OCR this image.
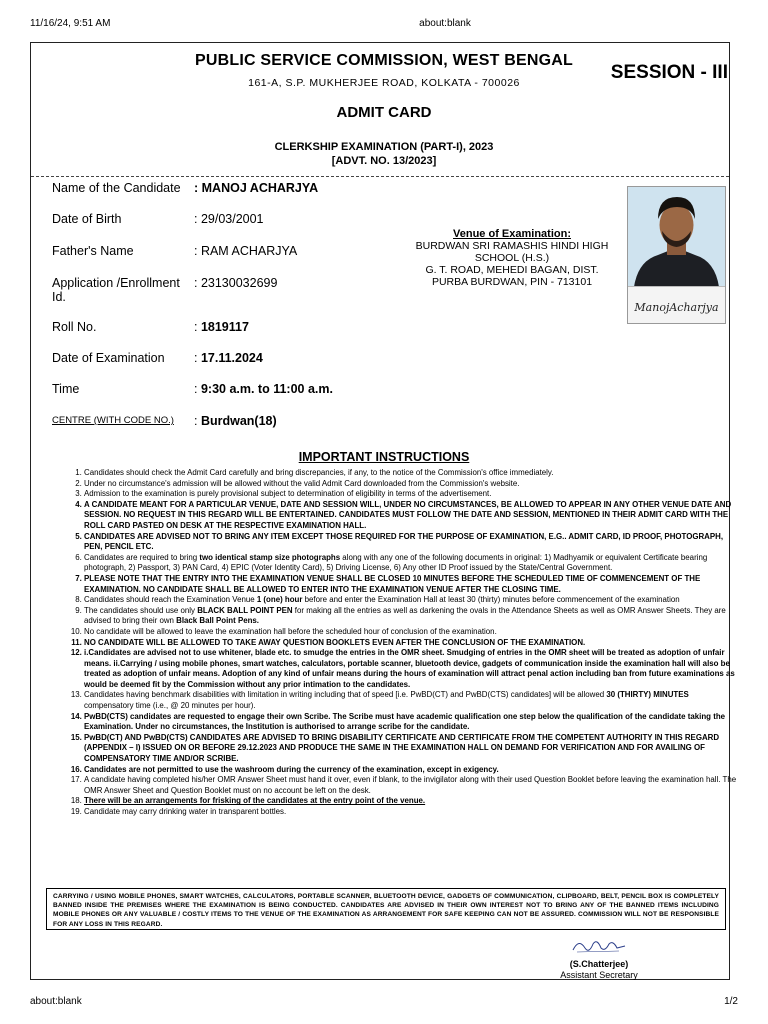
11/16/24, 9:51 AM	about:blank
about:blank	1/2
PUBLIC SERVICE COMMISSION, WEST BENGAL
161-A, S.P. MUKHERJEE ROAD, KOLKATA - 700026	SESSION - III
ADMIT CARD
CLERKSHIP EXAMINATION (PART-I), 2023
[ADVT. NO. 13/2023]
Name of the Candidate	: MANOJ ACHARJYA
Date of Birth	: 29/03/2001
Father's Name	: RAM ACHARJYA
Application /Enrollment Id.
: 23130032699
Roll No.	: 1819117
Date of Examination	: 17.11.2024
Time	: 9:30 a.m. to 11:00 a.m.
CENTRE (WITH CODE NO.)	: Burdwan(18)
Venue of Examination:
BURDWAN SRI RAMASHIS HINDI HIGH
SCHOOL (H.S.)
G. T. ROAD, MEHEDI BAGAN, DIST.
PURBA BURDWAN, PIN - 713101
ManojAcharjya
IMPORTANT INSTRUCTIONS
1. Candidates should check the Admit Card carefully and bring discrepancies, if any, to the notice of the Commission's office immediately.
2. Under no circumstance's admission will be allowed without the valid Admit Card downloaded from the Commission's website.
3. Admission to the examination is purely provisional subject to determination of eligibility in terms of the advertisement.
4. A CANDIDATE MEANT FOR A PARTICULAR VENUE, DATE AND SESSION WILL, UNDER NO CIRCUMSTANCES, BE ALLOWED TO APPEAR IN ANY OTHER VENUE DATE AND SESSION. NO REQUEST IN THIS REGARD WILL BE ENTERTAINED. CANDIDATES MUST FOLLOW THE DATE AND SESSION, MENTIONED IN THEIR ADMIT CARD WITH THE ROLL CARD PASTED ON DESK AT THE RESPECTIVE EXAMINATION HALL.
5. CANDIDATES ARE ADVISED NOT TO BRING ANY ITEM EXCEPT THOSE REQUIRED FOR THE PURPOSE OF EXAMINATION, E.G.. ADMIT CARD, ID PROOF, PHOTOGRAPH, PEN, PENCIL ETC.
6. Candidates are required to bring two identical stamp size photographs along with any one of the following documents in original: 1) Madhyamik or equivalent Certificate bearing photograph, 2) Passport, 3) PAN Card, 4) EPIC (Voter Identity Card), 5) Driving License, 6) Any other ID Proof issued by the State/Central Government.
7. PLEASE NOTE THAT THE ENTRY INTO THE EXAMINATION VENUE SHALL BE CLOSED 10 MINUTES BEFORE THE SCHEDULED TIME OF COMMENCEMENT OF THE EXAMINATION. NO CANDIDATE SHALL BE ALLOWED TO ENTER INTO THE EXAMINATION VENUE AFTER THE CLOSING TIME.
8. Candidates should reach the Examination Venue 1 (one) hour before and enter the Examination Hall at least 30 (thirty) minutes before commencement of the examination
9. The candidates should use only BLACK BALL POINT PEN for making all the entries as well as darkening the ovals in the Attendance Sheets as well as OMR Answer Sheets. They are advised to bring their own Black Ball Point Pens.
10. No candidate will be allowed to leave the examination hall before the scheduled hour of conclusion of the examination.
11. NO CANDIDATE WILL BE ALLOWED TO TAKE AWAY QUESTION BOOKLETS EVEN AFTER THE CONCLUSION OF THE EXAMINATION.
12. i.Candidates are advised not to use whitener, blade etc. to smudge the entries in the OMR sheet. Smudging of entries in the OMR sheet will be treated as adoption of unfair means. ii.Carrying / using mobile phones, smart watches, calculators, portable scanner, bluetooth device, gadgets of communication inside the examination hall will also be treated as adoption of unfair means. Adoption of any kind of unfair means during the hours of examination will attract penal action including ban from future examinations as would be deemed fit by the Commission without any prior intimation to the candidates.
13. Candidates having benchmark disabilities with limitation in writing including that of speed [i.e. PwBD(CT) and PwBD(CTS) candidates] will be allowed 30 (THIRTY) MINUTES compensatory time (i.e., @ 20 minutes per hour).
14. PwBD(CTS) candidates are requested to engage their own Scribe. The Scribe must have academic qualification one step below the qualification of the candidate taking the Examination. Under no circumstances, the Institution is authorised to arrange scribe for the candidate.
15. PwBD(CT) AND PwBD(CTS) CANDIDATES ARE ADVISED TO BRING DISABILITY CERTIFICATE AND CERTIFICATE FROM THE COMPETENT AUTHORITY IN THIS REGARD (APPENDIX – I) ISSUED ON OR BEFORE 29.12.2023 AND PRODUCE THE SAME IN THE EXAMINATION HALL ON DEMAND FOR VERIFICATION AND FOR AVAILING OF COMPENSATORY TIME AND/OR SCRIBE.
16. Candidates are not permitted to use the washroom during the currency of the examination, except in exigency.
17. A candidate having completed his/her OMR Answer Sheet must hand it over, even if blank, to the invigilator along with their used Question Booklet before leaving the examination hall. The OMR Answer Sheet and Question Booklet must on no account be left on the desk.
18. There will be an arrangements for frisking of the candidates at the entry point of the venue.
19. Candidate may carry drinking water in transparent bottles.
CARRYING / USING MOBILE PHONES, SMART WATCHES, CALCULATORS, PORTABLE SCANNER, BLUETOOTH DEVICE, GADGETS OF COMMUNICATION, CLIPBOARD, BELT, PENCIL BOX IS COMPLETELY BANNED INSIDE THE PREMISES WHERE THE EXAMINATION IS BEING CONDUCTED. CANDIDATES ARE ADVISED IN THEIR OWN INTEREST NOT TO BRING ANY OF THE BANNED ITEMS INCLUDING MOBILE PHONES OR ANY VALUABLE / COSTLY ITEMS TO THE VENUE OF THE EXAMINATION AS ARRANGEMENT FOR SAFE KEEPING CAN NOT BE ASSURED. COMMISSION WILL NOT BE RESPONSIBLE FOR ANY LOSS IN THIS REGARD.
(S.Chatterjee)
Assistant Secretary
